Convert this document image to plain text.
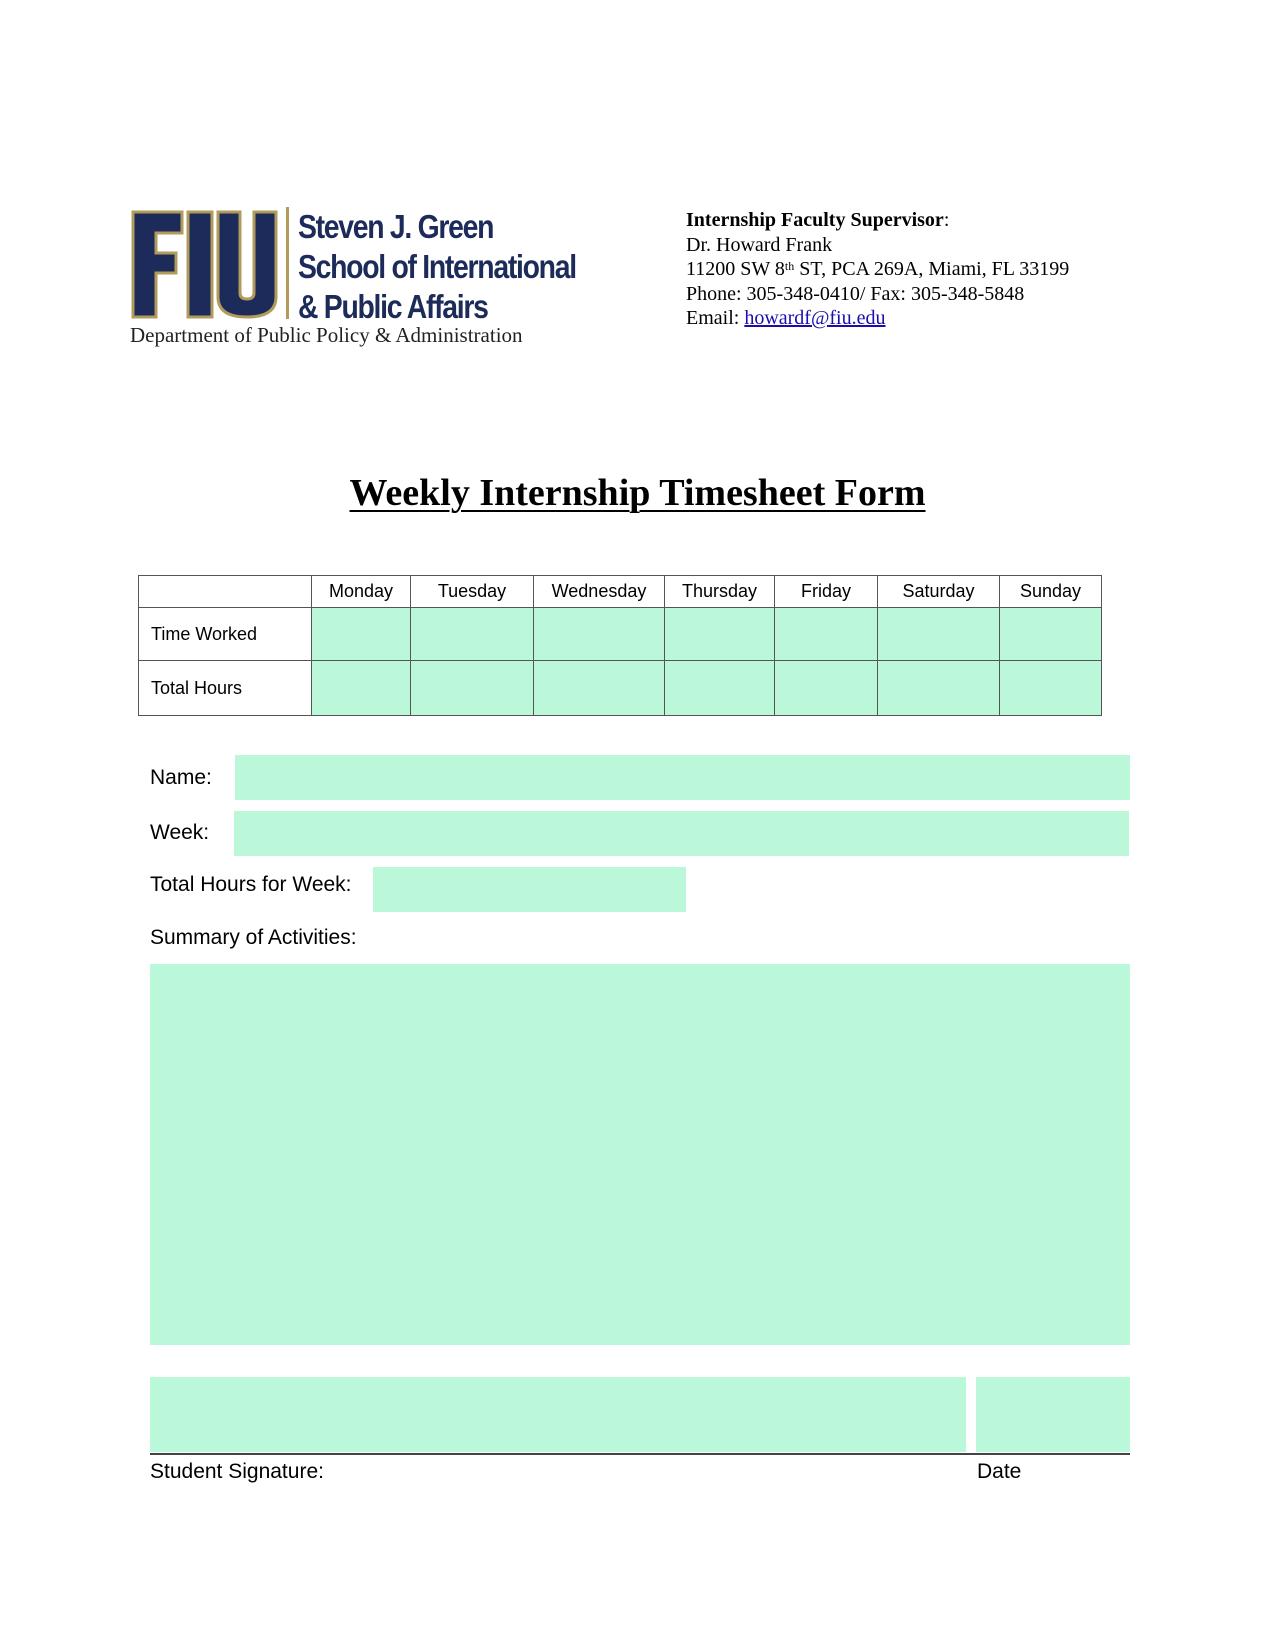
Steven J. Green
School of International
& Public Affairs
Department of Public Policy & Administration
Internship Faculty Supervisor:
Dr. Howard Frank
11200 SW 8th ST, PCA 269A, Miami, FL 33199
Phone: 305-348-0410/ Fax: 305-348-5848
Email: howardf@fiu.edu
Weekly Internship Timesheet Form
	Monday	Tuesday	Wednesday	Thursday	Friday	Saturday	Sunday
Time Worked							
Total Hours							
Name:
Week:
Total Hours for Week:
Summary of Activities:
Student Signature:	Date
